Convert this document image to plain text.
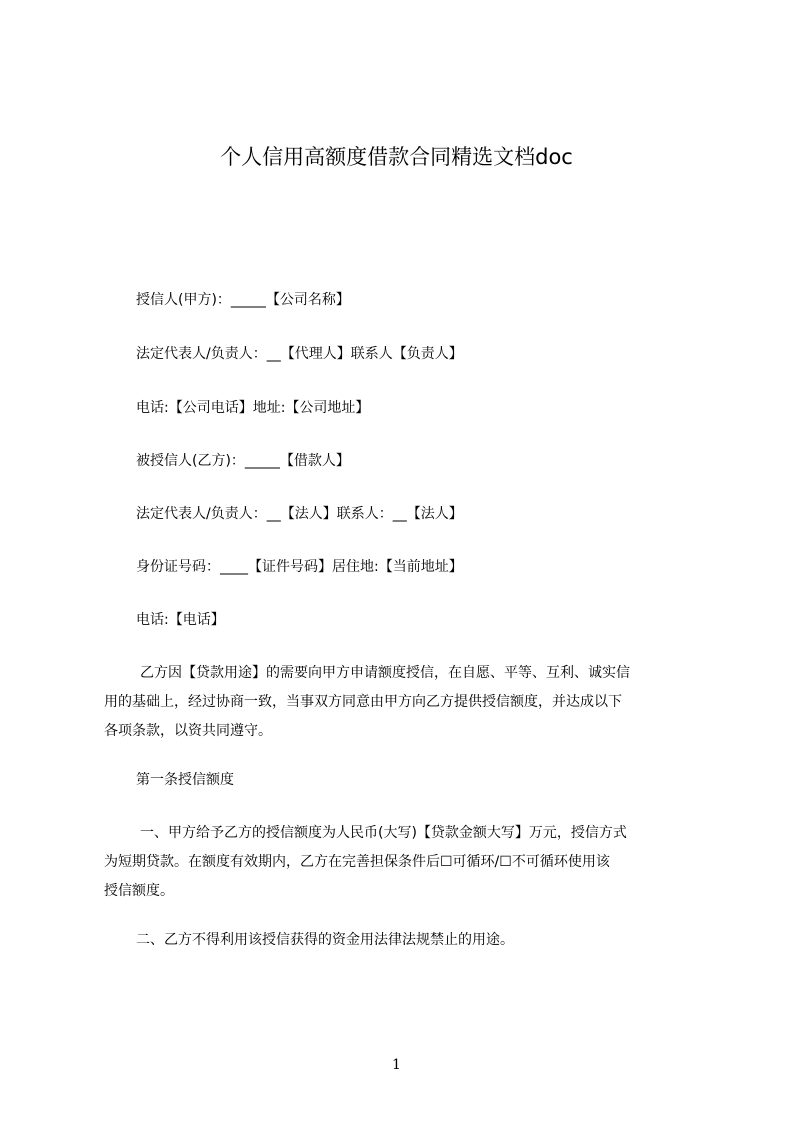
个人信用高额度借款合同精选文档doc

授信人(甲方)：_____【公司名称】

法定代表人/负责人：__【代理人】联系人【负责人】

电话:【公司电话】地址:【公司地址】

被授信人(乙方)：_____【借款人】

法定代表人/负责人：__【法人】联系人：__【法人】

身份证号码：____【证件号码】居住地:【当前地址】

电话:【电话】

乙方因【贷款用途】的需要向甲方申请额度授信，在自愿、平等、互利、诚实信
用的基础上，经过协商一致，当事双方同意由甲方向乙方提供授信额度，并达成以下
各项条款，以资共同遵守。

第一条授信额度

一、甲方给予乙方的授信额度为人民币(大写)【贷款金额大写】万元，授信方式
为短期贷款。在额度有效期内，乙方在完善担保条件后☐可循环/☐不可循环使用该
授信额度。

二、乙方不得利用该授信获得的资金用法律法规禁止的用途。

1
